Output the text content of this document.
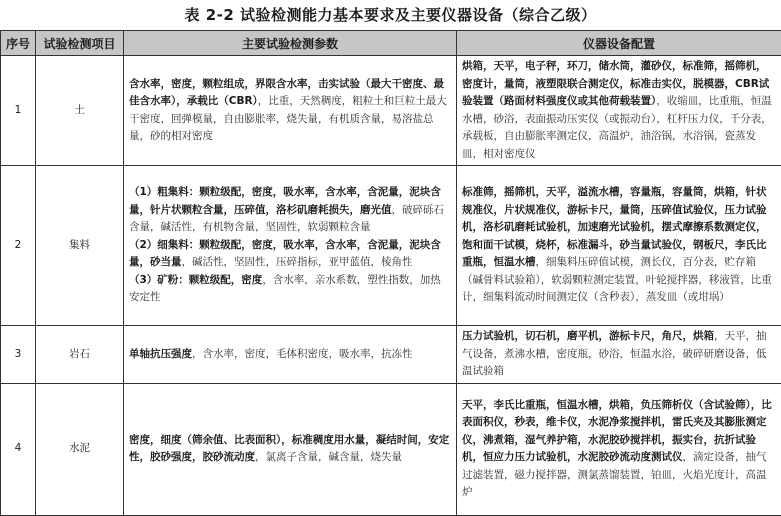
表 2-2 试验检测能力基本要求及主要仪器设备（综合乙级）
序号	试验检测项目	主要试验检测参数	仪器设备配置
1	土	含水率，密度，颗粒组成，界限含水率，击实试验（最大干密度、最佳含水率），承载比（CBR），比重，天然稠度，粗粒土和巨粒土最大干密度，回弹模量，自由膨胀率，烧失量，有机质含量，易溶盐总量，砂的相对密度	烘箱，天平，电子秤，环刀，储水筒，灌砂仪，标准筛，摇筛机，密度计，量筒，液塑限联合测定仪，标准击实仪，脱模器，CBR试验装置（路面材料强度仪或其他荷载装置），收缩皿，比重瓶，恒温水槽，砂浴，表面振动压实仪（或振动台），杠杆压力仪，千分表，承载板，自由膨胀率测定仪，高温炉，油浴锅，水浴锅，瓷蒸发皿，相对密度仪
2	集料	（1）粗集料：颗粒级配，密度，吸水率，含水率，含泥量，泥块含量，针片状颗粒含量，压碎值，洛杉矶磨耗损失，磨光值，破碎砾石含量，碱活性，有机物含量，坚固性，软弱颗粒含量
（2）细集料：颗粒级配，密度，吸水率，含水率，含泥量，泥块含量，砂当量，碱活性，坚固性，压碎指标，亚甲蓝值，棱角性
（3）矿粉：颗粒级配，密度，含水率，亲水系数，塑性指数，加热安定性	标准筛，摇筛机，天平，溢流水槽，容量瓶，容量筒，烘箱，针状规准仪，片状规准仪，游标卡尺，量筒，压碎值试验仪，压力试验机，洛杉矶磨耗试验机，加速磨光试验机，摆式摩擦系数测定仪，饱和面干试模，烧杯，标准漏斗，砂当量试验仪，钢板尺，李氏比重瓶，恒温水槽，细集料压碎值试模，测长仪，百分表，贮存箱（碱骨料试验箱），软弱颗粒测定装置，叶轮搅拌器，移液管，比重计，细集料流动时间测定仪（含秒表），蒸发皿（或坩埚）
3	岩石	单轴抗压强度，含水率，密度，毛体积密度，吸水率，抗冻性	压力试验机，切石机，磨平机，游标卡尺，角尺，烘箱，天平，抽气设备，煮沸水槽，密度瓶，砂浴，恒温水浴，破碎研磨设备，低温试验箱
4	水泥	密度，细度（筛余值、比表面积），标准稠度用水量，凝结时间，安定性，胶砂强度，胶砂流动度，氯离子含量，碱含量，烧失量	天平，李氏比重瓶，恒温水槽，烘箱，负压筛析仪（含试验筛），比表面积仪，秒表，维卡仪，水泥净浆搅拌机，雷氏夹及其膨胀测定仪，沸煮箱，湿气养护箱，水泥胶砂搅拌机，振实台，抗折试验机，恒应力压力试验机，水泥胶砂流动度测试仪，滴定设备，抽气过滤装置，磁力搅拌器，测氯蒸馏装置，铂皿，火焰光度计，高温炉
